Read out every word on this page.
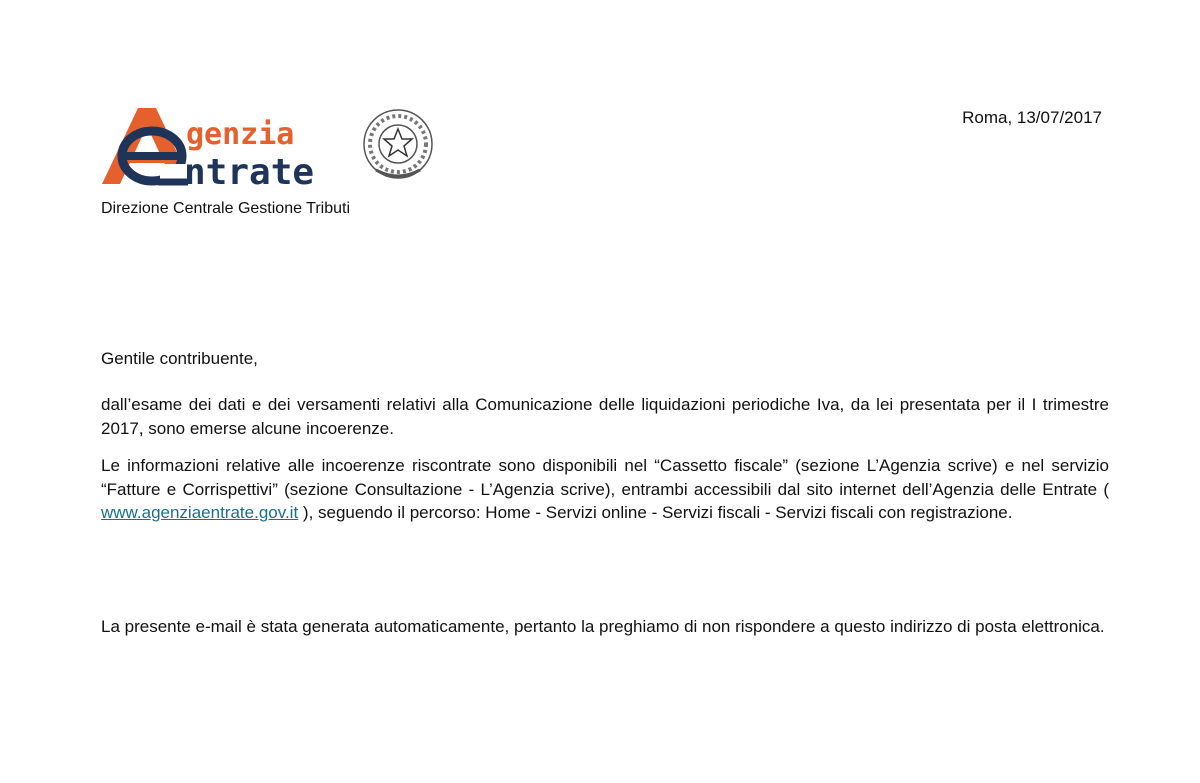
genzia
ntrate
Roma, 13/07/2017
Direzione Centrale Gestione Tributi
Gentile contribuente,
dall’esame dei dati e dei versamenti relativi alla Comunicazione delle liquidazioni periodiche Iva, da lei presentata per il I trimestre 2017, sono emerse alcune incoerenze.
Le informazioni relative alle incoerenze riscontrate sono disponibili nel “Cassetto fiscale” (sezione L’Agenzia scrive) e nel servizio “Fatture e Corrispettivi” (sezione Consultazione - L’Agenzia scrive), entrambi accessibili dal sito internet dell’Agenzia delle Entrate ( www.agenziaentrate.gov.it ), seguendo il percorso: Home - Servizi online - Servizi fiscali - Servizi fiscali con registrazione.
La presente e-mail è stata generata automaticamente, pertanto la preghiamo di non rispondere a questo indirizzo di posta elettronica.
